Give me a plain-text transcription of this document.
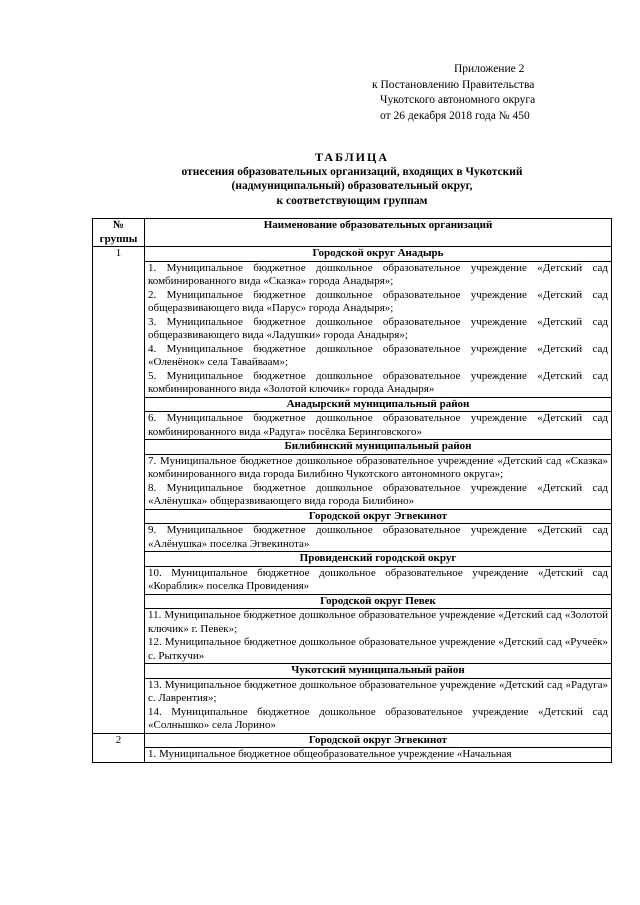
Приложение 2
к Постановлению Правительства
Чукотского автономного округа
от 26 декабря 2018 года № 450
ТАБЛИЦА
отнесения образовательных организаций, входящих в Чукотский
(надмуниципальный) образовательный округ,
к соответствующим группам
№ группы	Наименование образовательных организаций
1	Городской округ Анадырь

	1. Муниципальное бюджетное дошкольное образовательное учреждение «Детский сад комбинированного вида «Сказка» города Анадыря»;

2. Муниципальное бюджетное дошкольное образовательное учреждение «Детский сад общеразвивающего вида «Парус» города Анадыря»;

3. Муниципальное бюджетное дошкольное образовательное учреждение «Детский сад общеразвивающего вида «Ладушки» города Анадыря»;

4. Муниципальное бюджетное дошкольное образовательное учреждение «Детский сад «Оленёнок» села Тавайваам»;

5. Муниципальное бюджетное дошкольное образовательное учреждение «Детский сад комбинированного вида «Золотой ключик» города Анадыря»

	Анадырский муниципальный район

	6. Муниципальное бюджетное дошкольное образовательное учреждение «Детский сад комбинированного вида «Радуга» посёлка Беринговского»

	Билибинский муниципальный район

	7. Муниципальное бюджетное дошкольное образовательное учреждение «Детский сад «Сказка» комбинированного вида города Билибино Чукотского автономного округа»;

8. Муниципальное бюджетное дошкольное образовательное учреждение «Детский сад «Алёнушка» общеразвивающего вида города Билибино»

	Городской округ Эгвекинот

	9. Муниципальное бюджетное дошкольное образовательное учреждение «Детский сад «Алёнушка» поселка Эгвекинота»

	Провиденский городской округ

	10. Муниципальное бюджетное дошкольное образовательное учреждение «Детский сад «Кораблик» поселка Провидения»

	Городской округ Певек

	11. Муниципальное бюджетное дошкольное образовательное учреждение «Детский сад «Золотой ключик» г. Певек»;

12. Муниципальное бюджетное дошкольное образовательное учреждение «Детский сад «Ручеёк» с. Рыткучи»

	Чукотский муниципальный район

	13. Муниципальное бюджетное дошкольное образовательное учреждение «Детский сад «Радуга» с. Лаврентия»;

14. Муниципальное бюджетное дошкольное образовательное учреждение «Детский сад «Солнышко» села Лорино»

2	Городской округ Эгвекинот

	1. Муниципальное бюджетное общеобразовательное учреждение «Начальная
